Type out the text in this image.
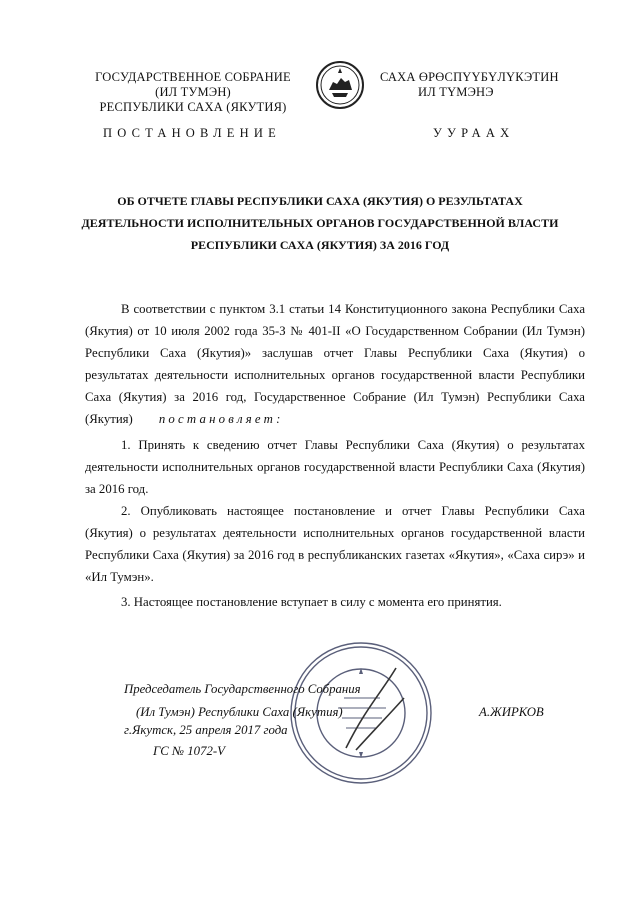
ГОСУДАРСТВЕННОЕ СОБРАНИЕ
(ИЛ ТУМЭН)
РЕСПУБЛИКИ САХА (ЯКУТИЯ)
САХА ӨРӨСПҮҮБҮЛҮКЭТИН
ИЛ ТҮМЭНЭ
ПОСТАНОВЛЕНИЕ	УУРААХ
ОБ ОТЧЕТЕ ГЛАВЫ РЕСПУБЛИКИ САХА (ЯКУТИЯ) О РЕЗУЛЬТАТАХ
ДЕЯТЕЛЬНОСТИ ИСПОЛНИТЕЛЬНЫХ ОРГАНОВ ГОСУДАРСТВЕННОЙ ВЛАСТИ
РЕСПУБЛИКИ САХА (ЯКУТИЯ) ЗА 2016 ГОД
В соответствии с пунктом 3.1 статьи 14 Конституционного закона Республики Саха
(Якутия) от 10 июля 2002 года 35-З № 401-II «О Государственном Собрании (Ил Тумэн)
Республики Саха (Якутия)» заслушав отчет Главы Республики Саха (Якутия) о
результатах деятельности исполнительных органов государственной власти Республики
Саха (Якутия) за 2016 год, Государственное Собрание (Ил Тумэн) Республики Саха
(Якутия) постановляет:
1. Принять к сведению отчет Главы Республики Саха (Якутия) о результатах
деятельности исполнительных органов государственной власти Республики Саха (Якутия)
за 2016 год.
2. Опубликовать настоящее постановление и отчет Главы Республики Саха
(Якутия) о результатах деятельности исполнительных органов государственной власти
Республики Саха (Якутия) за 2016 год в республиканских газетах «Якутия», «Саха сирэ» и
«Ил Тумэн».
3. Настоящее постановление вступает в силу с момента его принятия.
Председатель Государственного Собрания
(Ил Тумэн) Республики Саха (Якутия)	А.ЖИРКОВ
г.Якутск, 25 апреля 2017 года
ГС № 1072-V
